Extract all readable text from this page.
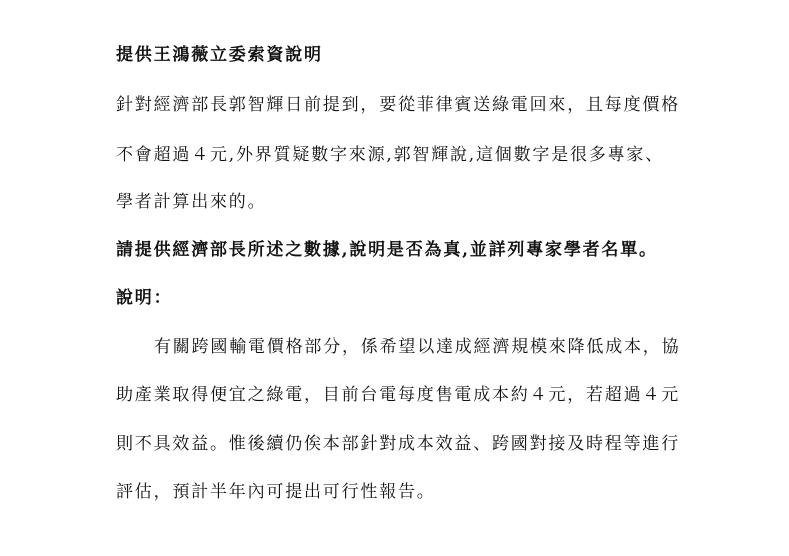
提供王鴻薇立委索資說明
針對經濟部長郭智輝日前提到，要從菲律賓送綠電回來，且每度價格
不會超過４元,外界質疑數字來源,郭智輝說,這個數字是很多專家、
學者計算出來的。
請提供經濟部長所述之數據,說明是否為真,並詳列專家學者名單。
說明：
有關跨國輸電價格部分，係希望以達成經濟規模來降低成本，協
助產業取得便宜之綠電，目前台電每度售電成本約４元，若超過４元
則不具效益。惟後續仍俟本部針對成本效益、跨國對接及時程等進行
評估，預計半年內可提出可行性報告。
